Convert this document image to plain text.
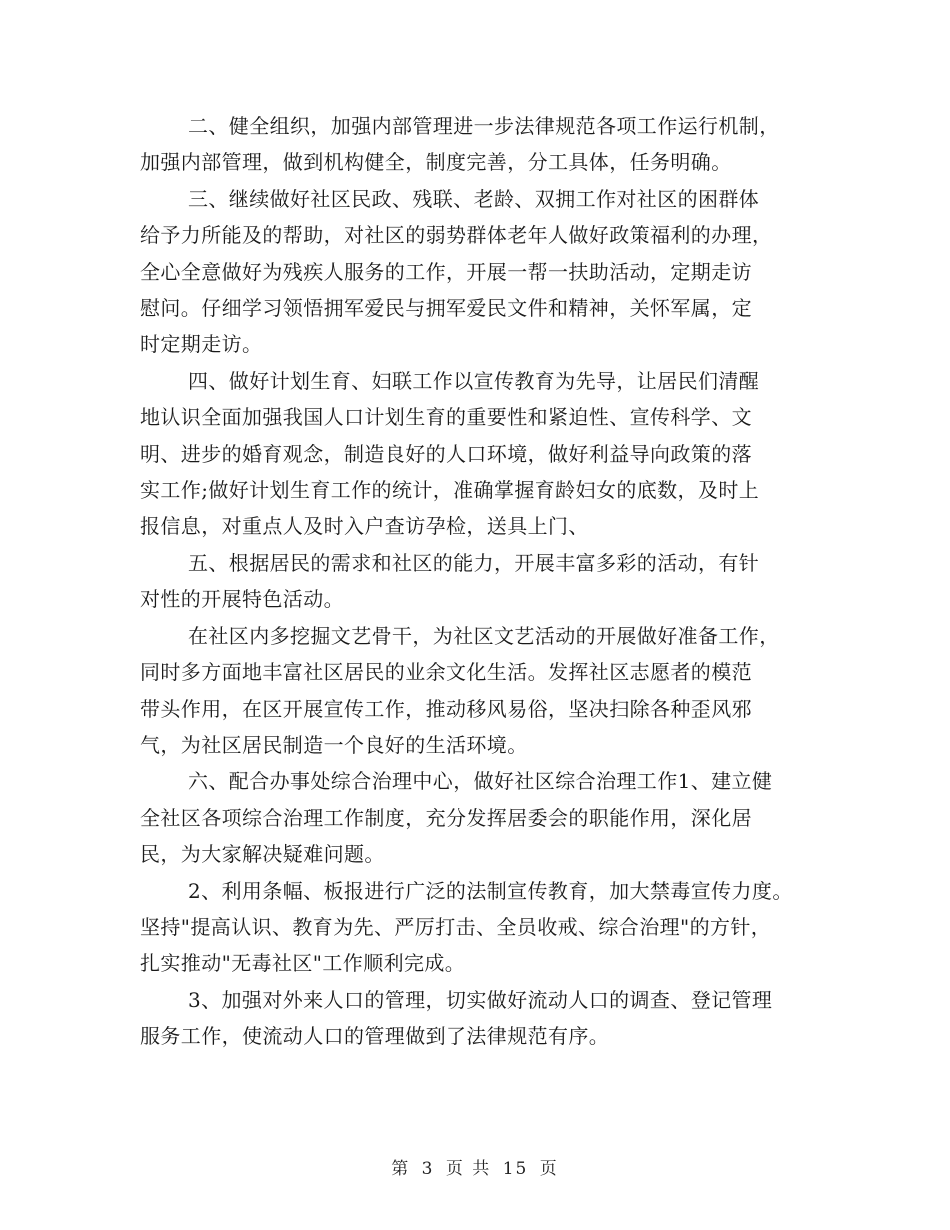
二、健全组织，加强内部管理进一步法律规范各项工作运行机制，
加强内部管理，做到机构健全，制度完善，分工具体，任务明确。

三、继续做好社区民政、残联、老龄、双拥工作对社区的困群体
给予力所能及的帮助，对社区的弱势群体老年人做好政策福利的办理，
全心全意做好为残疾人服务的工作，开展一帮一扶助活动，定期走访
慰问。仔细学习领悟拥军爱民与拥军爱民文件和精神，关怀军属，定
时定期走访。

四、做好计划生育、妇联工作以宣传教育为先导，让居民们清醒
地认识全面加强我国人口计划生育的重要性和紧迫性、宣传科学、文
明、进步的婚育观念，制造良好的人口环境，做好利益导向政策的落
实工作;做好计划生育工作的统计，准确掌握育龄妇女的底数，及时上
报信息，对重点人及时入户查访孕检，送具上门、

五、根据居民的需求和社区的能力，开展丰富多彩的活动，有针
对性的开展特色活动。

在社区内多挖掘文艺骨干，为社区文艺活动的开展做好准备工作，
同时多方面地丰富社区居民的业余文化生活。发挥社区志愿者的模范
带头作用，在区开展宣传工作，推动移风易俗，坚决扫除各种歪风邪
气，为社区居民制造一个良好的生活环境。

六、配合办事处综合治理中心，做好社区综合治理工作1、建立健
全社区各项综合治理工作制度，充分发挥居委会的职能作用，深化居
民，为大家解决疑难问题。

2、利用条幅、板报进行广泛的法制宣传教育，加大禁毒宣传力度。
坚持"提高认识、教育为先、严厉打击、全员收戒、综合治理"的方针，
扎实推动"无毒社区"工作顺利完成。

3、加强对外来人口的管理，切实做好流动人口的调查、登记管理
服务工作，使流动人口的管理做到了法律规范有序。

第 3 页 共 15 页
